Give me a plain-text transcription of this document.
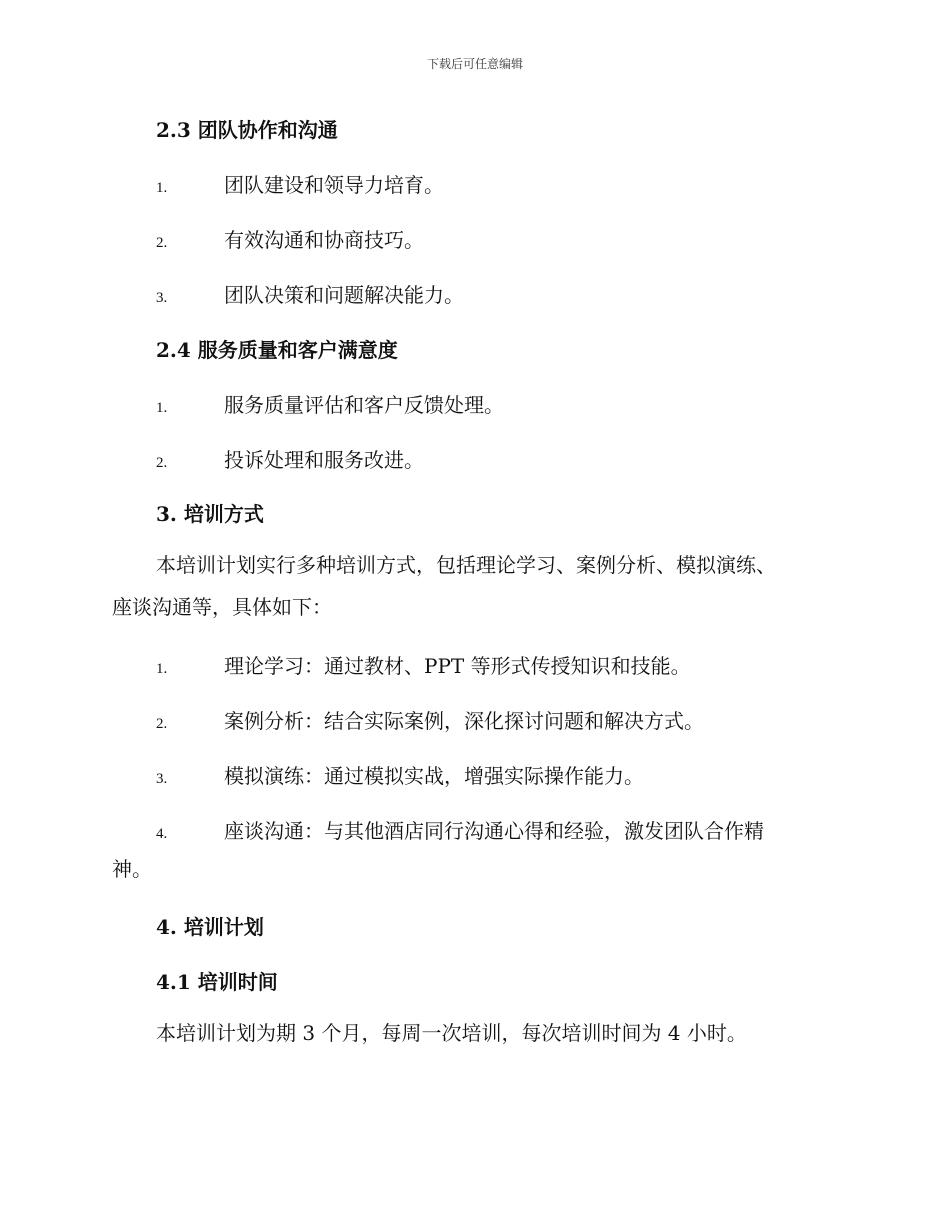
下载后可任意编辑
2.3 团队协作和沟通
1.	团队建设和领导力培育。
2.	有效沟通和协商技巧。
3.	团队决策和问题解决能力。
2.4 服务质量和客户满意度
1.	服务质量评估和客户反馈处理。
2.	投诉处理和服务改进。
3. 培训方式
本培训计划实行多种培训方式，包括理论学习、案例分析、模拟演练、
座谈沟通等，具体如下：
1.	理论学习：通过教材、PPT 等形式传授知识和技能。
2.	案例分析：结合实际案例，深化探讨问题和解决方式。
3.	模拟演练：通过模拟实战，增强实际操作能力。
4.	座谈沟通：与其他酒店同行沟通心得和经验，激发团队合作精
神。
4. 培训计划
4.1 培训时间
本培训计划为期 3 个月，每周一次培训，每次培训时间为 4 小时。
